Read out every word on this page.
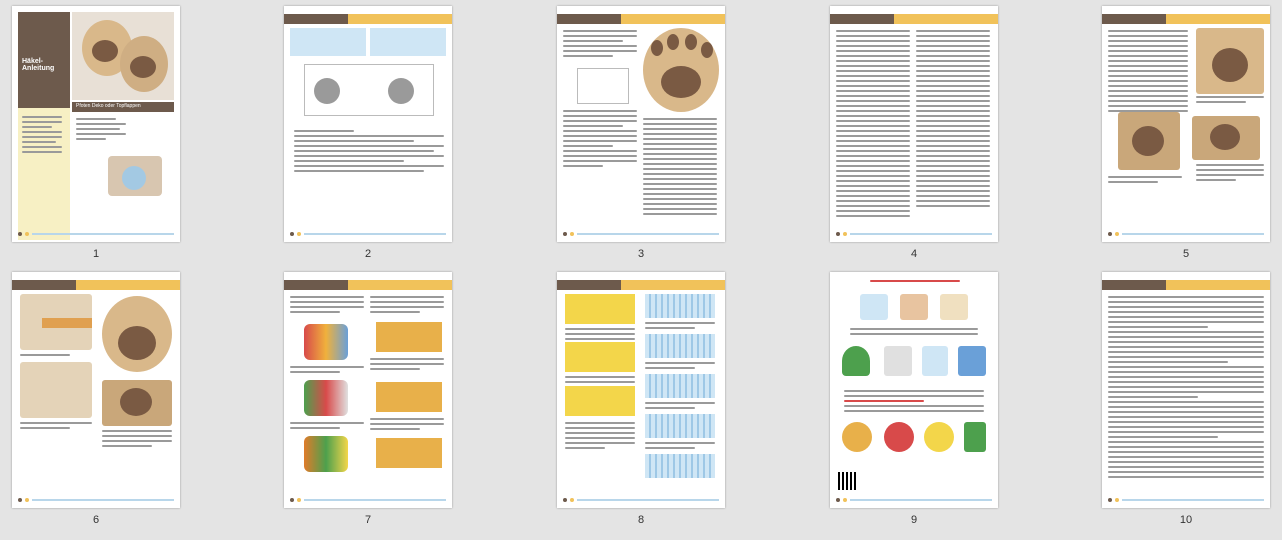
Häkel-Anleitung
Pfoten Deko oder Topflappen
1	2	3	4	5
6	7	8	9	10
